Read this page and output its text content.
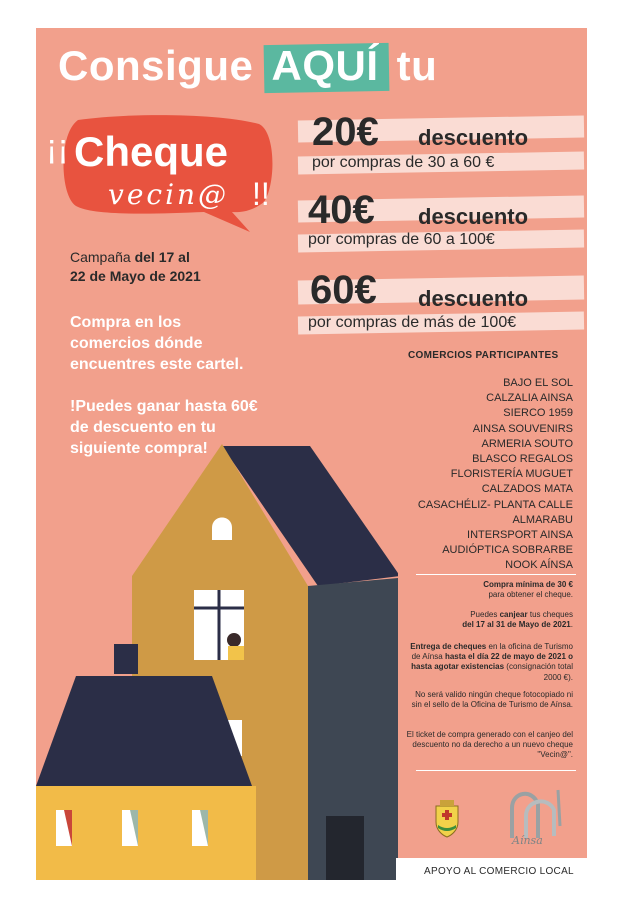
Consigue AQUÍ tu
¡¡ Cheque
vecin@ !!
Campaña del 17 al
22 de Mayo de 2021

Compra en los comercios dónde encuentres este cartel.

!Puedes ganar hasta 60€ de descuento en tu siguiente compra!

20€ descuento
por compras de 30 a 60 €
40€ descuento
por compras de 60 a 100€
60€ descuento
por compras de más de 100€
COMERCIOS PARTICIPANTES
BAJO EL SOL
CALZALIA AINSA
SIERCO 1959
AINSA SOUVENIRS
ARMERIA SOUTO
BLASCO REGALOS
FLORISTERÍA MUGUET
CALZADOS MATA
CASACHÉLIZ- PLANTA CALLE
ALMARABU
INTERSPORT AINSA
AUDIÓPTICA SOBRARBE
NOOK AÍNSA
Compra mínima de 30 €
para obtener el cheque.
Puedes canjear tus cheques
del 17 al 31 de Mayo de 2021.
Entrega de cheques en la oficina de Turismo de Aínsa hasta el día 22 de mayo de 2021 o hasta agotar existencias (consignación total 2000 €).
No será valido ningún cheque fotocopiado ni sin el sello de la Oficina de Turismo de Aínsa.
El ticket de compra generado con el canjeo del descuento no da derecho a un nuevo cheque "Vecin@".
Aínsa
APOYO AL COMERCIO LOCAL
